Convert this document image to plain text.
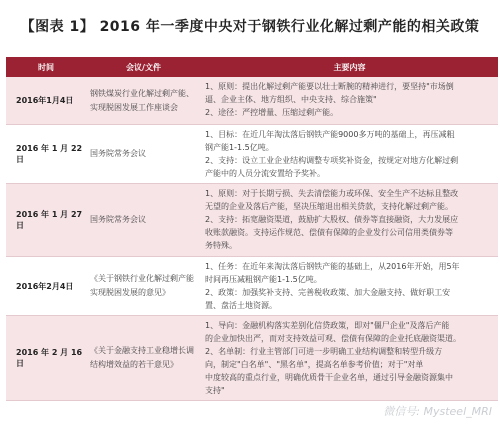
【图表 1】 2016 年一季度中央对于钢铁行业化解过剩产能的相关政策
时间	会议/文件	主要内容
2016年1月4日
钢铁煤炭行业化解过剩产能、实现脱困发展工作座谈会
1、原则：提出化解过剩产能要以壮士断腕的精神进行，要坚持"市场倒
逼、企业主体、地方组织、中央支持、综合施策"
2、途径：严控增量、压缩过剩产能。
2016 年 1 月 22 日
国务院常务会议
1、目标：在近几年淘汰落后钢铁产能9000多万吨的基础上，再压减粗
钢产能1-1.5亿吨。
2、支持：设立工业企业结构调整专项奖补资金，按规定对地方化解过剩
产能中的人员分流安置给予奖补。
2016 年 1 月 27 日
国务院常务会议
1、原则：对于长期亏损、失去清偿能力或环保、安全生产不达标且整改
无望的企业及落后产能，坚决压缩退出相关贷款，支持化解过剩产能。
2、支持：拓宽融资渠道，鼓励扩大股权、债券等直接融资，大力发展应
收账款融资。支持运作规范、偿债有保障的企业发行公司信用类债券等
务特殊。
2016年2月4日
《关于钢铁行业化解过剩产能实现脱困发展的意见》
1、任务：在近年来淘汰落后钢铁产能的基础上，从2016年开始，用5年
时间再压减粗钢产能1-1.5亿吨。
2、政策：加强奖补支持、完善税收政策、加大金融支持、做好职工安
置、盘活土地资源。
2016 年 2 月 16 日
《关于金融支持工业稳增长调结构增效益的若干意见》
1、导向：金融机构落实差别化信贷政策，即对"僵尸企业"及落后产能
的企业加快出严，而对支持效益可观、偿债有保障的企业托底融资渠道。
2、名单制：行业主管部门可进一步明确工业结构调整和转型升级方
向，制定"白名单"、"黑名单"，提高名单参考价值；对于"对单
中度较高的重点行业，明确优质骨干企业名单，通过引导金融资源集中
支持"
微信号: Mysteel_MRI
